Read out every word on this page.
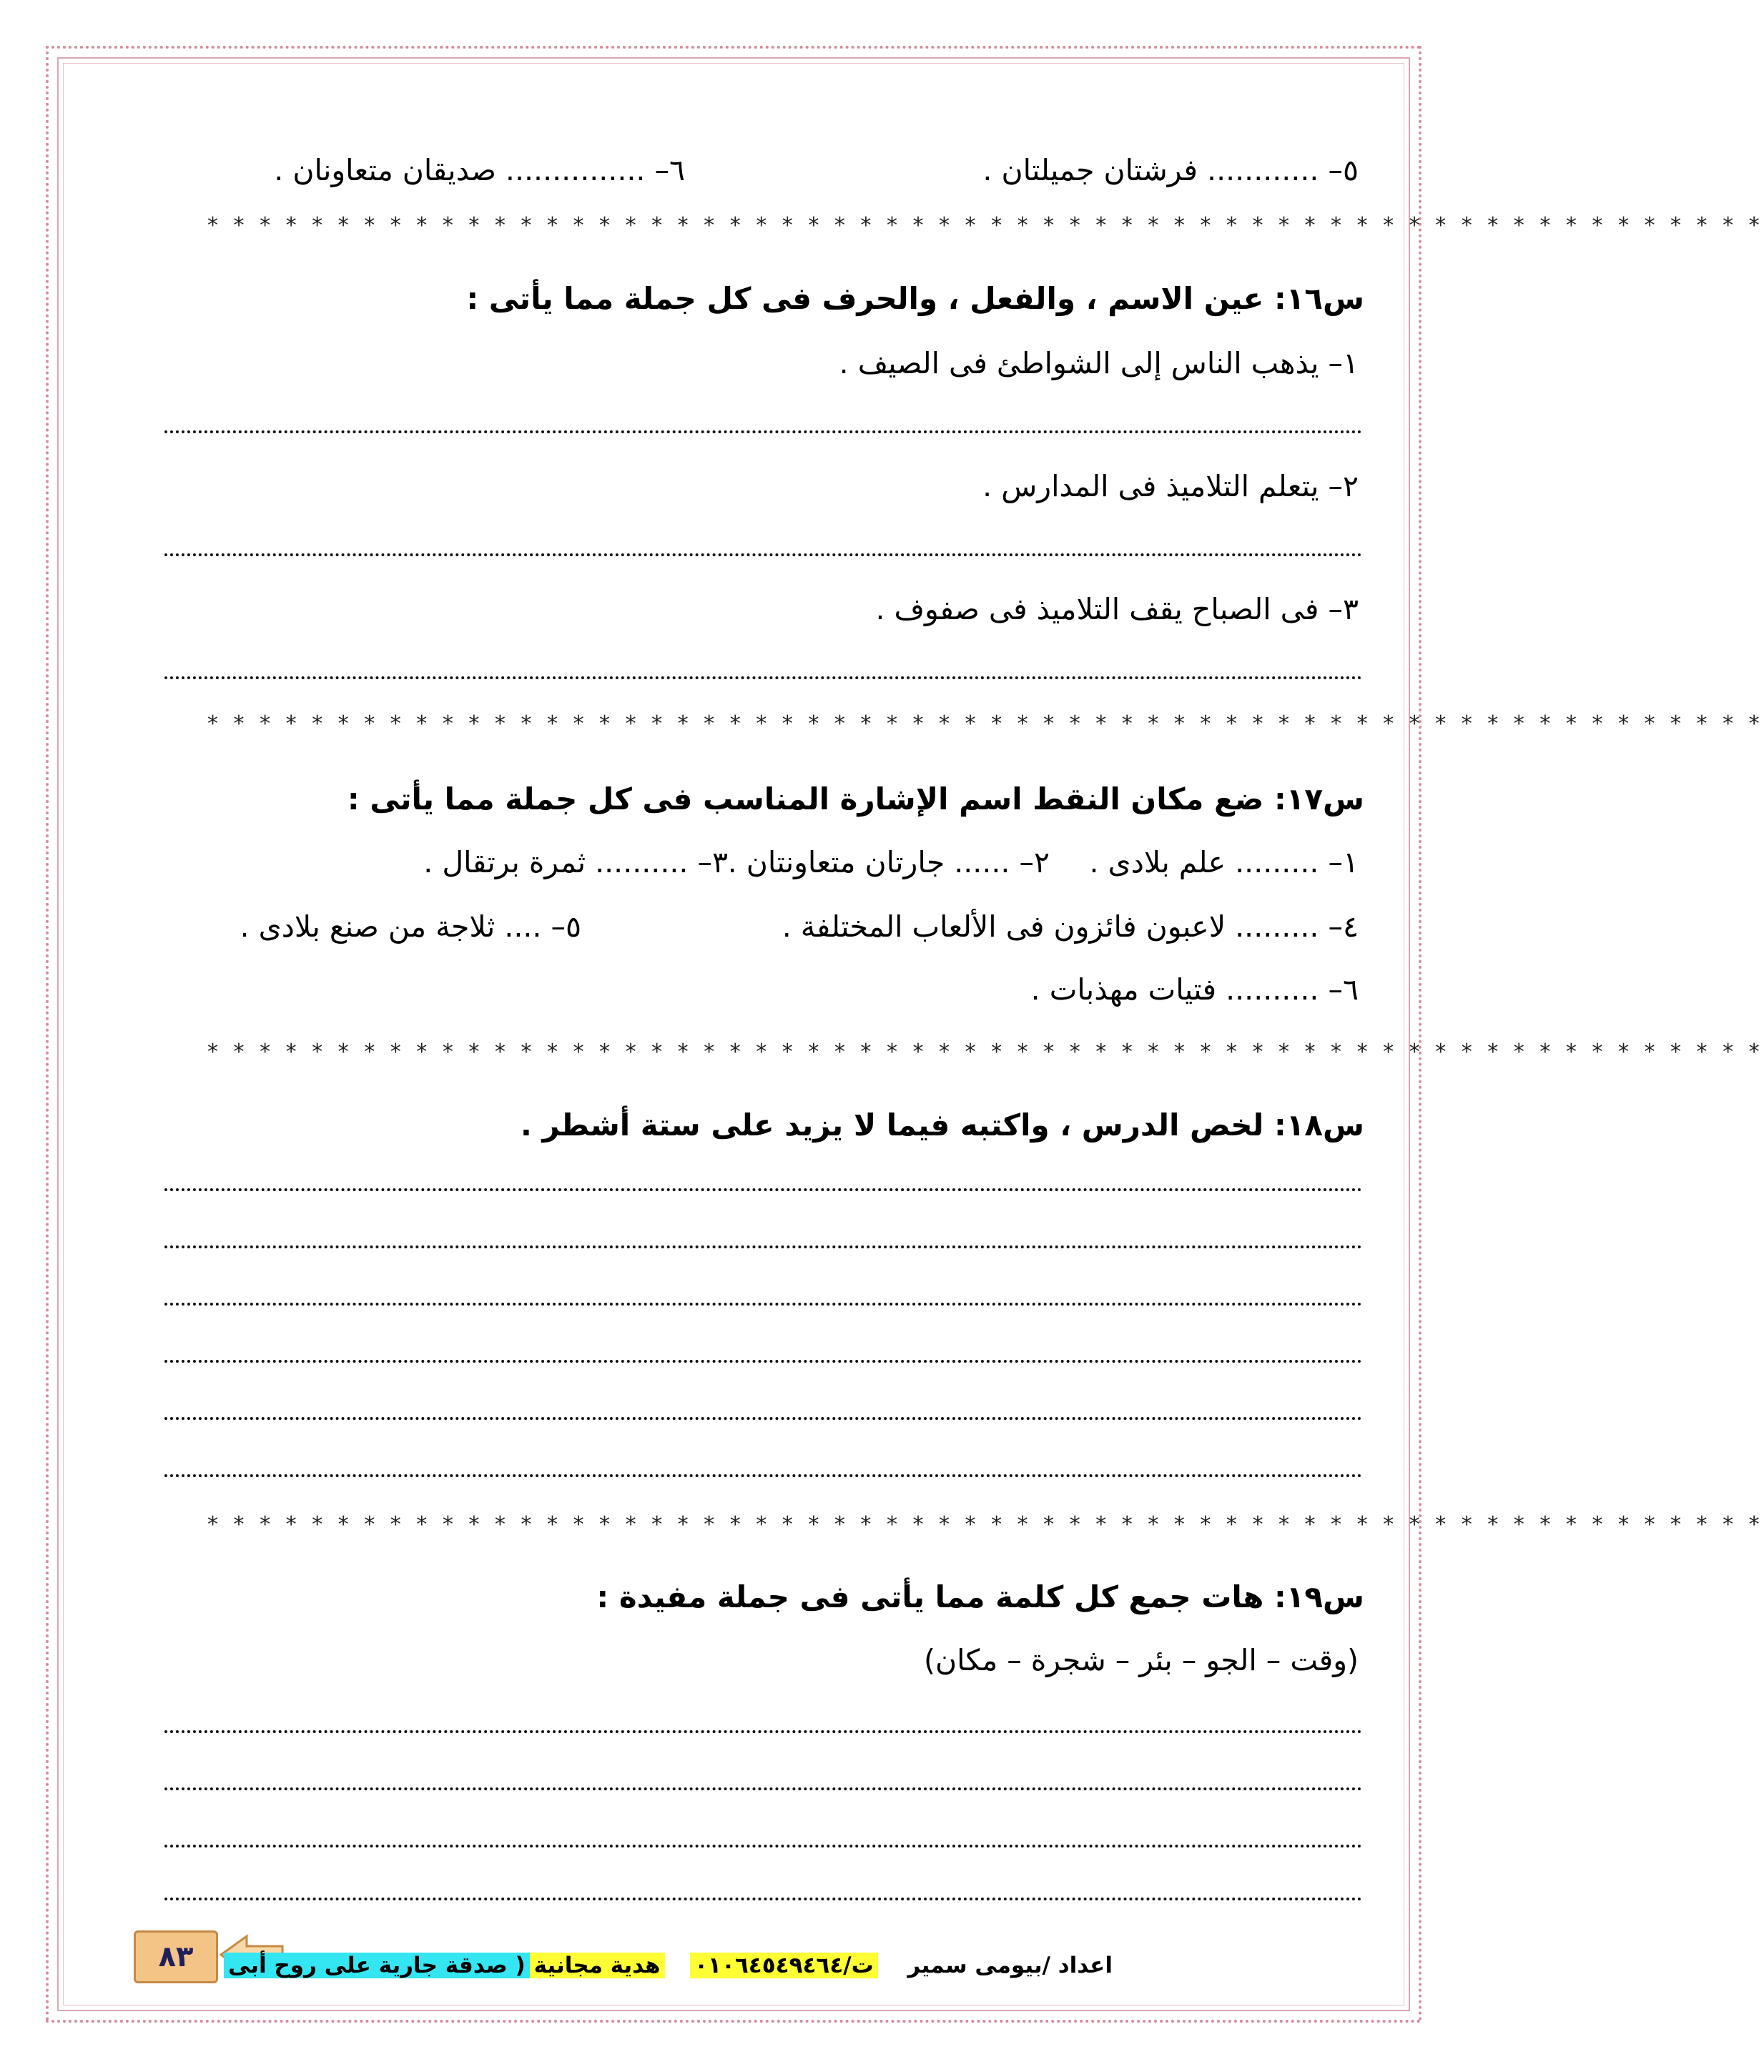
٥– ............ فرشتان جميلتان .
٦– ............... صديقان متعاونان .
* * * * * * * * * * * * * * * * * * * * * * * * * * * * * * * * * * * * * * * * * * * * * * * * * * * * * * * * * * * *
س١٦: عين الاسم ، والفعل ، والحرف فى كل جملة مما يأتى :
١– يذهب الناس إلى الشواطئ فى الصيف .
٢– يتعلم التلاميذ فى المدارس .
٣– فى الصباح يقف التلاميذ فى صفوف .
* * * * * * * * * * * * * * * * * * * * * * * * * * * * * * * * * * * * * * * * * * * * * * * * * * * * * * * * * * * *
س١٧: ضع مكان النقط اسم الإشارة المناسب فى كل جملة مما يأتى :
١– ......... علم بلادى .
٢– ...... جارتان متعاونتان .
٣– .......... ثمرة برتقال .
٤– ......... لاعبون فائزون فى الألعاب المختلفة .
٥– .... ثلاجة من صنع بلادى .
٦– .......... فتيات مهذبات .
* * * * * * * * * * * * * * * * * * * * * * * * * * * * * * * * * * * * * * * * * * * * * * * * * * * * * * * * * * * *
س١٨: لخص الدرس ، واكتبه فيما لا يزيد على ستة أشطر .
* * * * * * * * * * * * * * * * * * * * * * * * * * * * * * * * * * * * * * * * * * * * * * * * * * * * * * * * * * * *
س١٩: هات جمع كل كلمة مما يأتى فى جملة مفيدة :
(وقت – الجو – بئر – شجرة – مكان)
٨٣	اعداد /بيومى سمير  ت/٠١٠٦٤٥٤٩٤٦٤  هدية مجانية( صدقة جارية على روح أبى
